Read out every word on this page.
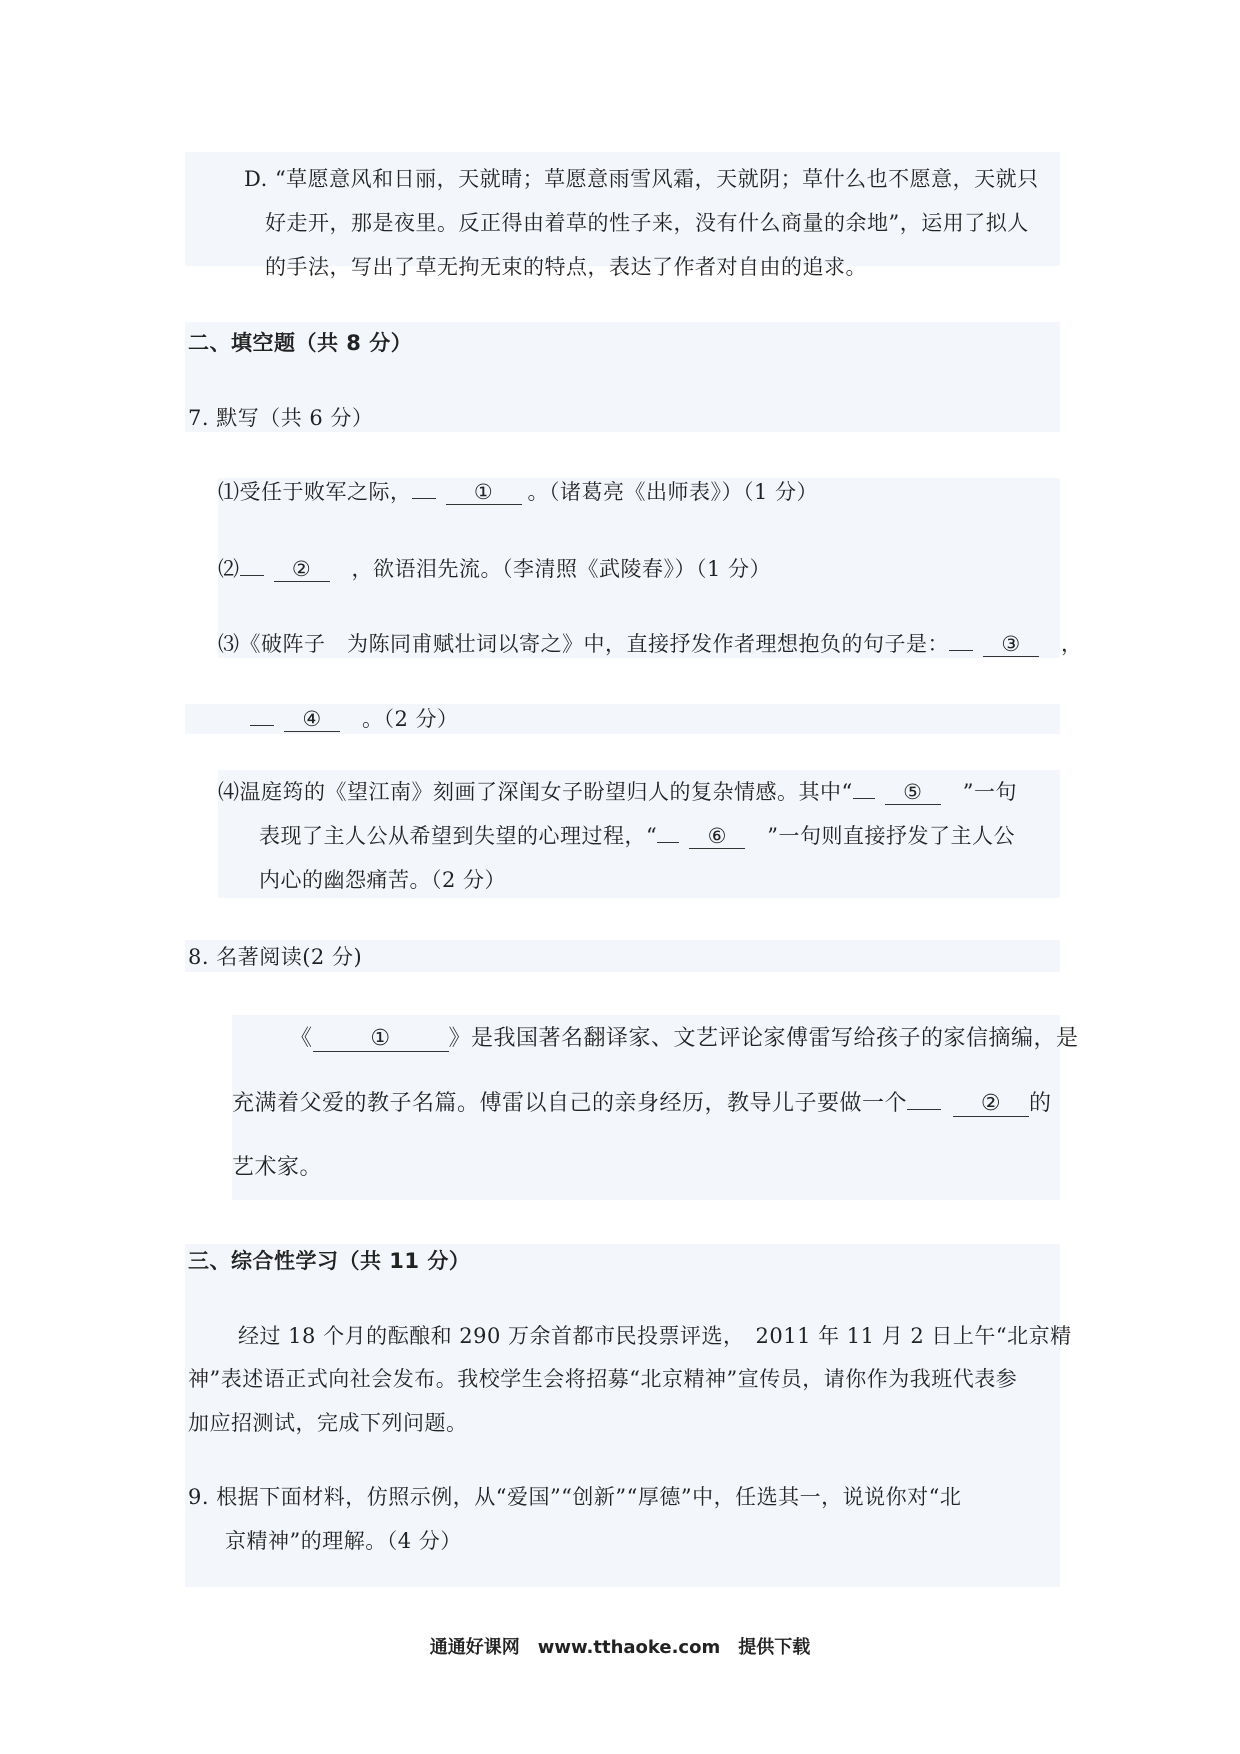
D. “草愿意风和日丽，天就晴；草愿意雨雪风霜，天就阴；草什么也不愿意，天就只
好走开，那是夜里。反正得由着草的性子来，没有什么商量的余地”，运用了拟人
的手法，写出了草无拘无束的特点，表达了作者对自由的追求。
二、填空题（共 8 分）
7. 默写（共 6 分）
⑴受任于败军之际，	① 。（诸葛亮《出师表》）（1 分）
⑵ ② ，欲语泪先流。（李清照《武陵春》）（1 分）
⑶《破阵子　为陈同甫赋壮词以寄之》中，直接抒发作者理想抱负的句子是： ③ ，
④ 。（2 分）
⑷温庭筠的《望江南》刻画了深闺女子盼望归人的复杂情感。其中“ ⑤ ”一句
表现了主人公从希望到失望的心理过程，“ ⑥ ”一句则直接抒发了主人公
内心的幽怨痛苦。（2 分）
8. 名著阅读(2 分)
《	①	》是我国著名翻译家、文艺评论家傅雷写给孩子的家信摘编，是
充满着父爱的教子名篇。傅雷以自己的亲身经历，教导儿子要做一个	② 的
艺术家。
三、综合性学习（共 11 分）
经过 18 个月的酝酿和 290 万余首都市民投票评选，　2011 年 11 月 2 日上午“北京精
神”表述语正式向社会发布。我校学生会将招募“北京精神”宣传员，请你作为我班代表参
加应招测试，完成下列问题。
9. 根据下面材料，仿照示例，从“爱国”“创新”“厚德”中，任选其一，说说你对“北
京精神”的理解。（4 分）
通通好课网　www.tthaoke.com　提供下载
